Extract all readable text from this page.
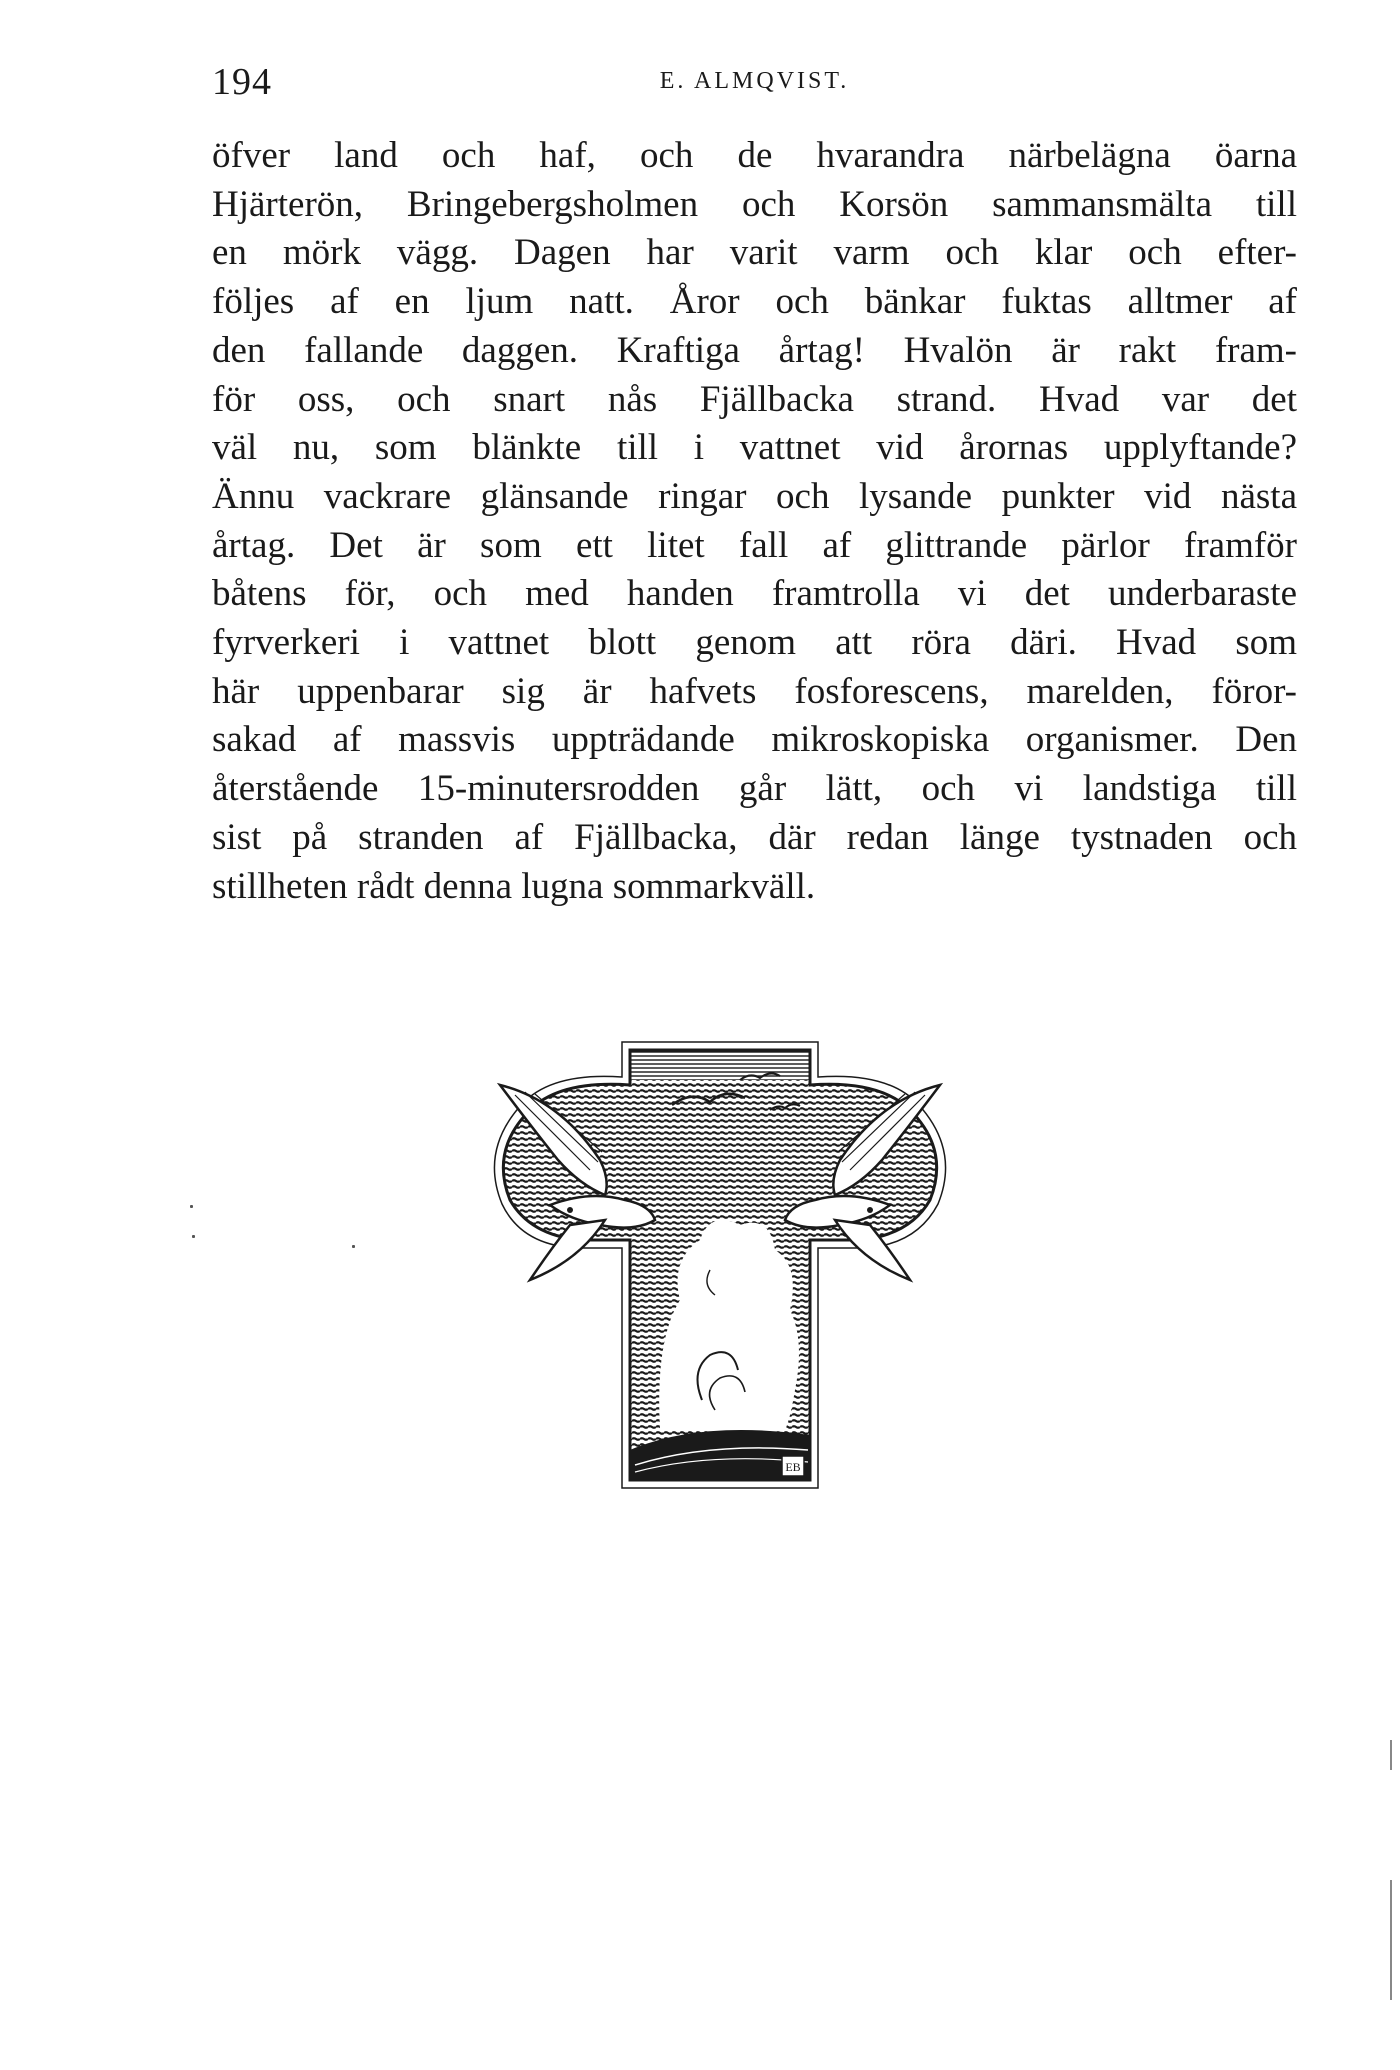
194	E. ALMQVIST.
öfver land och haf, och de hvarandra närbelägna öarna
Hjärterön, Bringebergsholmen och Korsön sammansmälta till
en mörk vägg. Dagen har varit varm och klar och efter-
följes af en ljum natt. Åror och bänkar fuktas alltmer af
den fallande daggen. Kraftiga årtag! Hvalön är rakt fram-
för oss, och snart nås Fjällbacka strand. Hvad var det
väl nu, som blänkte till i vattnet vid årornas upplyftande?
Ännu vackrare glänsande ringar och lysande punkter vid nästa
årtag. Det är som ett litet fall af glittrande pärlor framför
båtens för, och med handen framtrolla vi det underbaraste
fyrverkeri i vattnet blott genom att röra däri. Hvad som
här uppenbarar sig är hafvets fosforescens, marelden, föror-
sakad af massvis uppträdande mikroskopiska organismer. Den
återstående 15-minutersrodden går lätt, och vi landstiga till
sist på stranden af Fjällbacka, där redan länge tystnaden och
stillheten rådt denna lugna sommarkväll.
EB
